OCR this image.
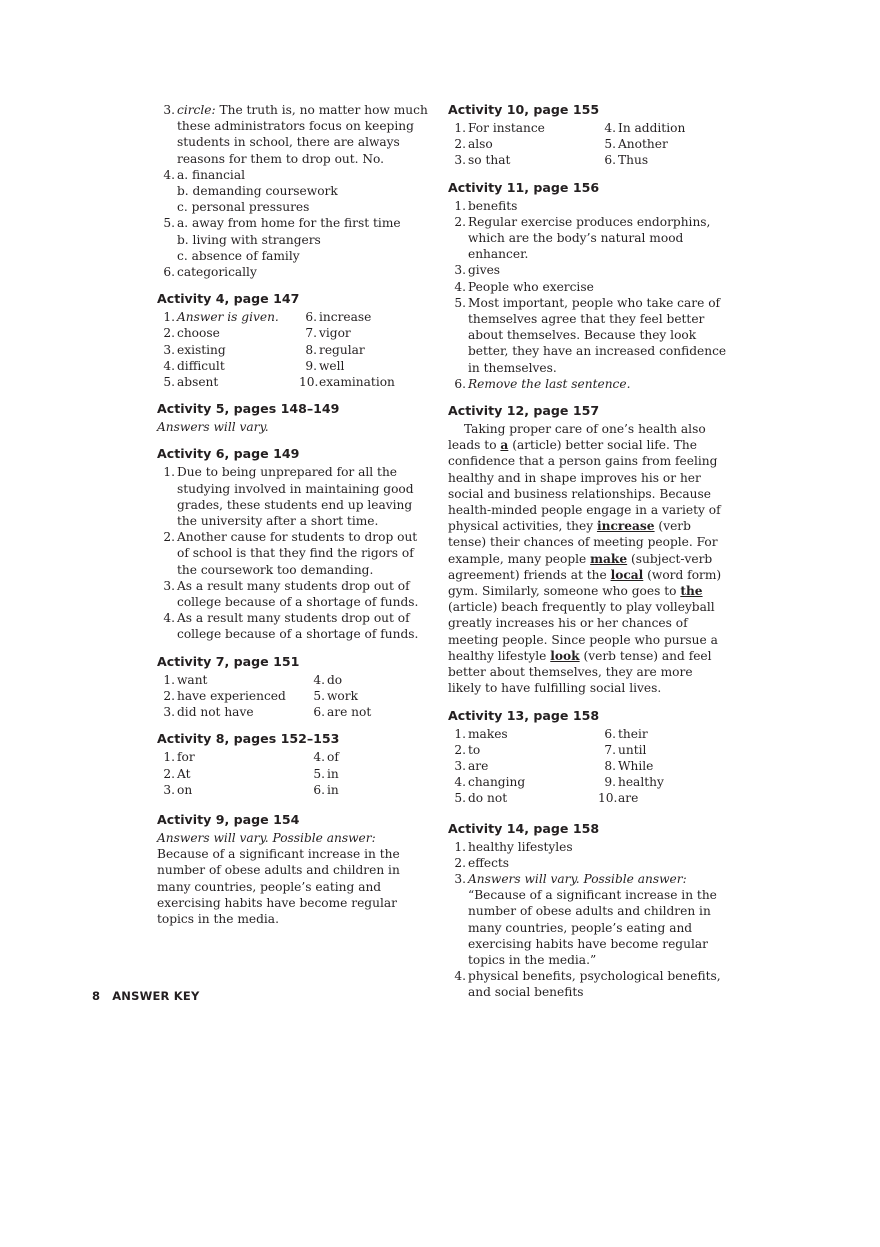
3. circle: The truth is, no matter how much these administrators focus on keeping students in school, there are always reasons for them to drop out. No.
4. a. financial
b. demanding coursework
c. personal pressures
5. a. away from home for the first time
b. living with strangers
c. absence of family
6. categorically
Activity 4, page 147
1. Answer is given.
2. choose
3. existing
4. difficult
5. absent
6. increase
7. vigor
8. regular
9. well
10. examination
Activity 5, pages 148–149
Answers will vary.
Activity 6, page 149
1. Due to being unprepared for all the studying involved in maintaining good grades, these students end up leaving the university after a short time.
2. Another cause for students to drop out of school is that they find the rigors of the coursework too demanding.
3. As a result many students drop out of college because of a shortage of funds.
4. As a result many students drop out of college because of a shortage of funds.
Activity 7, page 151
1. want
2. have experienced
3. did not have
4. do
5. work
6. are not
Activity 8, pages 152–153
1. for
2. At
3. on
4. of
5. in
6. in
Activity 9, page 154
Answers will vary. Possible answer: Because of a significant increase in the number of obese adults and children in many countries, people’s eating and exercising habits have become regular topics in the media.
Activity 10, page 155
1. For instance
2. also
3. so that
4. In addition
5. Another
6. Thus
Activity 11, page 156
1. benefits
2. Regular exercise produces endorphins, which are the body’s natural mood enhancer.
3. gives
4. People who exercise
5. Most important, people who take care of themselves agree that they feel better about themselves. Because they look better, they have an increased confidence in themselves.
6. Remove the last sentence.
Activity 12, page 157
Taking proper care of one’s health also leads to a (article) better social life. The confidence that a person gains from feeling healthy and in shape improves his or her social and business relationships. Because health-minded people engage in a variety of physical activities, they increase (verb tense) their chances of meeting people. For example, many people make (subject-verb agreement) friends at the local (word form) gym. Similarly, someone who goes to the (article) beach frequently to play volleyball greatly increases his or her chances of meeting people. Since people who pursue a healthy lifestyle look (verb tense) and feel better about themselves, they are more likely to have fulfilling social lives.
Activity 13, page 158
1. makes
2. to
3. are
4. changing
5. do not
6. their
7. until
8. While
9. healthy
10. are
Activity 14, page 158
1. healthy lifestyles
2. effects
3. Answers will vary. Possible answer: “Because of a significant increase in the number of obese adults and children in many countries, people’s eating and exercising habits have become regular topics in the media.”
4. physical benefits, psychological benefits, and social benefits
8 ANSWER KEY
